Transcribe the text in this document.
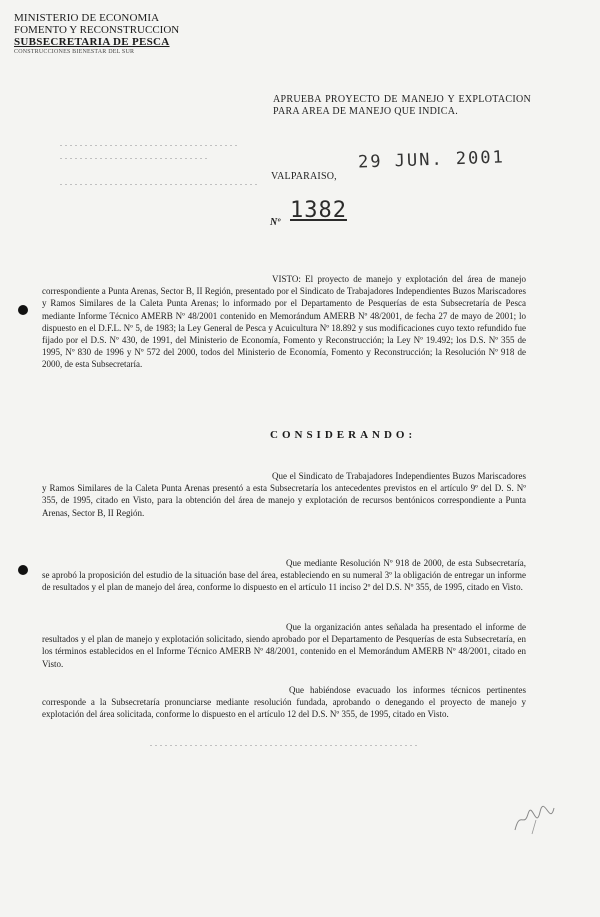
MINISTERIO DE ECONOMIA
FOMENTO Y RECONSTRUCCION
SUBSECRETARIA DE PESCA
CONSTRUCCIONES BIENESTAR DEL SUR
APRUEBA PROYECTO DE MANEJO Y EXPLOTACION PARA AREA DE MANEJO QUE INDICA.
29 JUN. 2001
VALPARAISO,
1382
Nº
VISTO: El proyecto de manejo y explotación del área de manejo correspondiente a Punta Arenas, Sector B, II Región, presentado por el Sindicato de Trabajadores Independientes Buzos Mariscadores y Ramos Similares de la Caleta Punta Arenas; lo informado por el Departamento de Pesquerías de esta Subsecretaría de Pesca mediante Informe Técnico AMERB Nº 48/2001 contenido en Memorándum AMERB Nº 48/2001, de fecha 27 de mayo de 2001; lo dispuesto en el D.F.L. Nº 5, de 1983; la Ley General de Pesca y Acuicultura Nº 18.892 y sus modificaciones cuyo texto refundido fue fijado por el D.S. Nº 430, de 1991, del Ministerio de Economía, Fomento y Reconstrucción; la Ley Nº 19.492; los D.S. Nº 355 de 1995, Nº 830 de 1996 y Nº 572 del 2000, todos del Ministerio de Economía, Fomento y Reconstrucción; la Resolución Nº 918 de 2000, de esta Subsecretaría.
CONSIDERANDO:
Que el Sindicato de Trabajadores Independientes Buzos Mariscadores y Ramos Similares de la Caleta Punta Arenas presentó a esta Subsecretaría los antecedentes previstos en el artículo 9º del D. S. Nº 355, de 1995, citado en Visto, para la obtención del área de manejo y explotación de recursos bentónicos correspondiente a Punta Arenas, Sector B, II Región.
Que mediante Resolución Nº 918 de 2000, de esta Subsecretaría, se aprobó la proposición del estudio de la situación base del área, estableciendo en su numeral 3º la obligación de entregar un informe de resultados y el plan de manejo del área, conforme lo dispuesto en el artículo 11 inciso 2º del D.S. Nº 355, de 1995, citado en Visto.
Que la organización antes señalada ha presentado el informe de resultados y el plan de manejo y explotación solicitado, siendo aprobado por el Departamento de Pesquerías de esta Subsecretaría, en los términos establecidos en el Informe Técnico AMERB Nº 48/2001, contenido en el Memorándum AMERB Nº 48/2001, citado en Visto.
Que habiéndose evacuado los informes técnicos pertinentes corresponde a la Subsecretaría pronunciarse mediante resolución fundada, aprobando o denegando el proyecto de manejo y explotación del área solicitada, conforme lo dispuesto en el artículo 12 del D.S. Nº 355, de 1995, citado en Visto.
